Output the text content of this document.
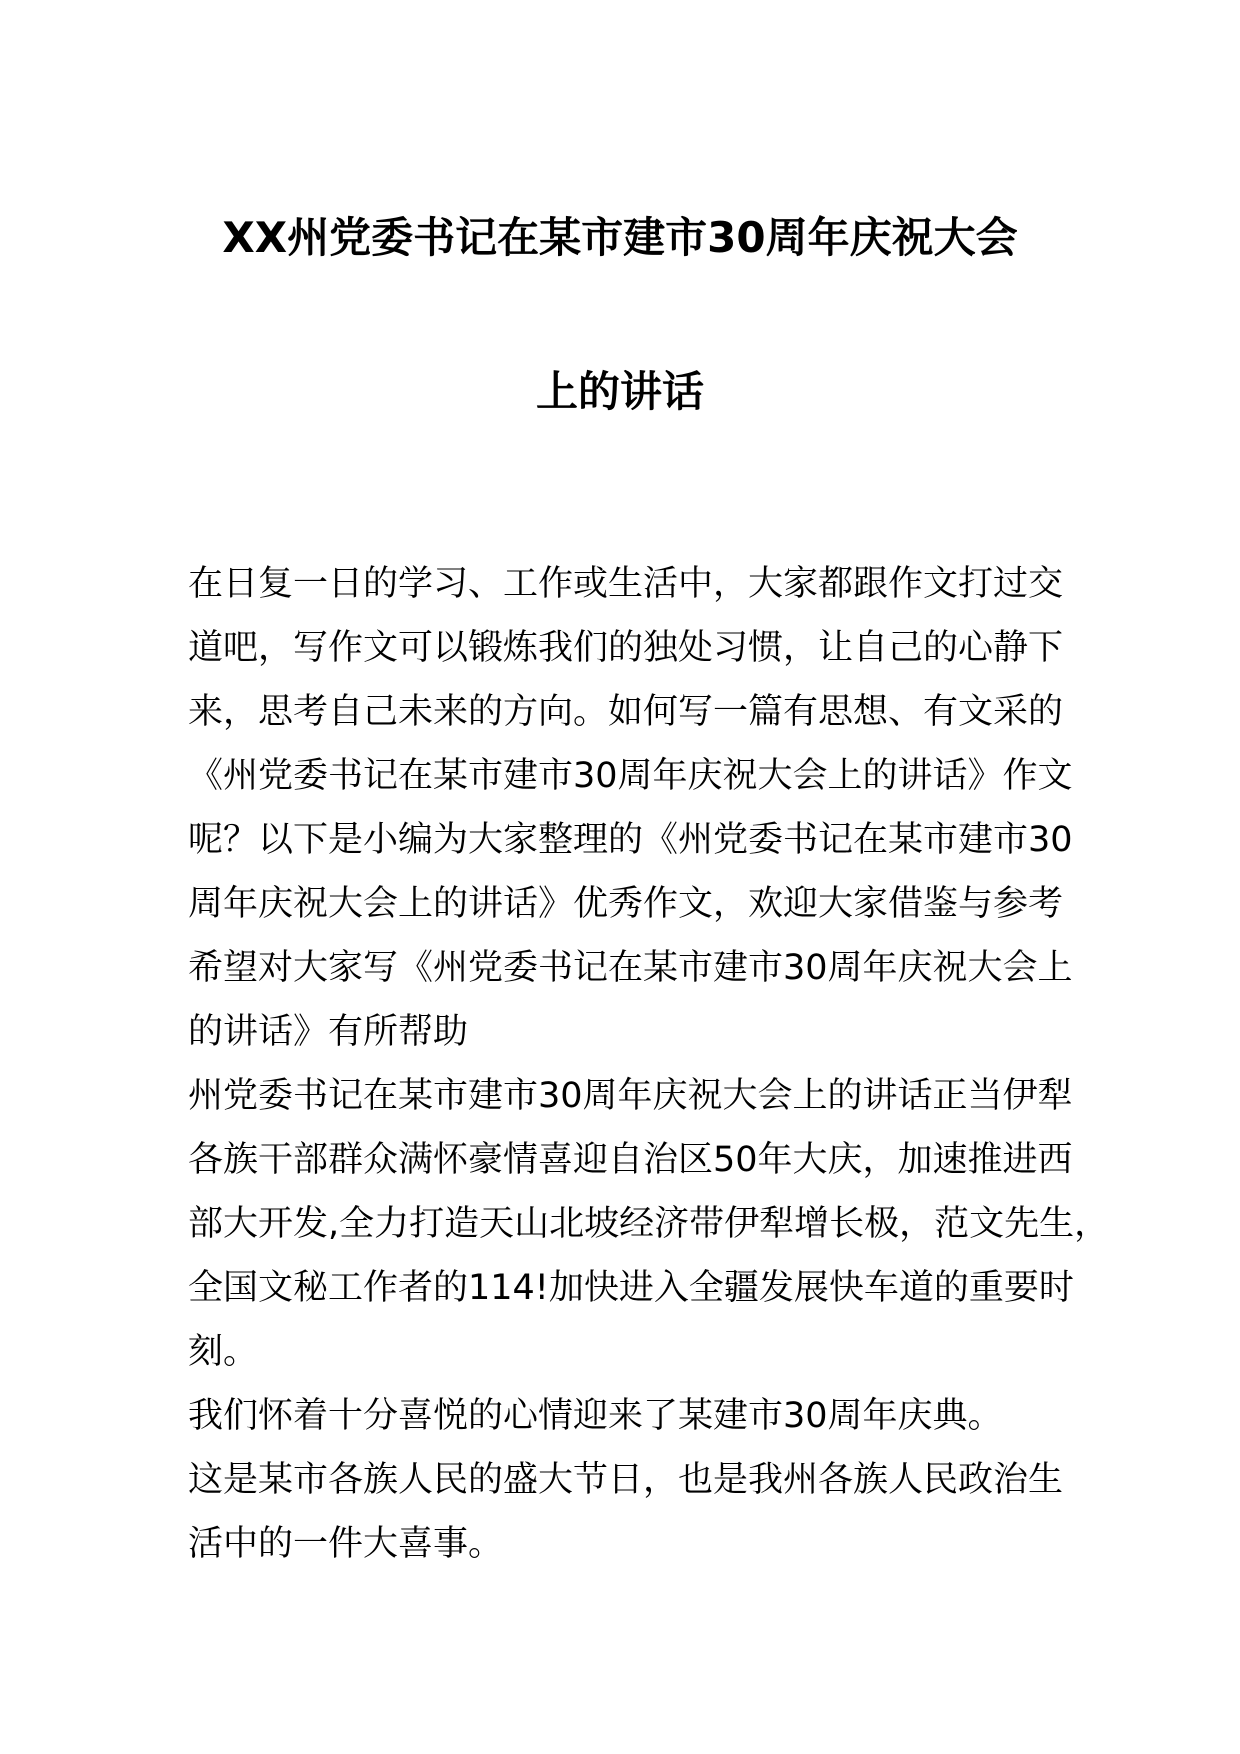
XX州党委书记在某市建市30周年庆祝大会
上的讲话
在日复一日的学习、工作或生活中，大家都跟作文打过交
道吧，写作文可以锻炼我们的独处习惯，让自己的心静下
来，思考自己未来的方向。如何写一篇有思想、有文采的
《州党委书记在某市建市30周年庆祝大会上的讲话》作文
呢？以下是小编为大家整理的《州党委书记在某市建市30
周年庆祝大会上的讲话》优秀作文，欢迎大家借鉴与参考
希望对大家写《州党委书记在某市建市30周年庆祝大会上
的讲话》有所帮助
州党委书记在某市建市30周年庆祝大会上的讲话正当伊犁
各族干部群众满怀豪情喜迎自治区50年大庆，加速推进西
部大开发,全力打造天山北坡经济带伊犁增长极，范文先生，
全国文秘工作者的114!加快进入全疆发展快车道的重要时
刻。
我们怀着十分喜悦的心情迎来了某建市30周年庆典。
这是某市各族人民的盛大节日，也是我州各族人民政治生
活中的一件大喜事。
